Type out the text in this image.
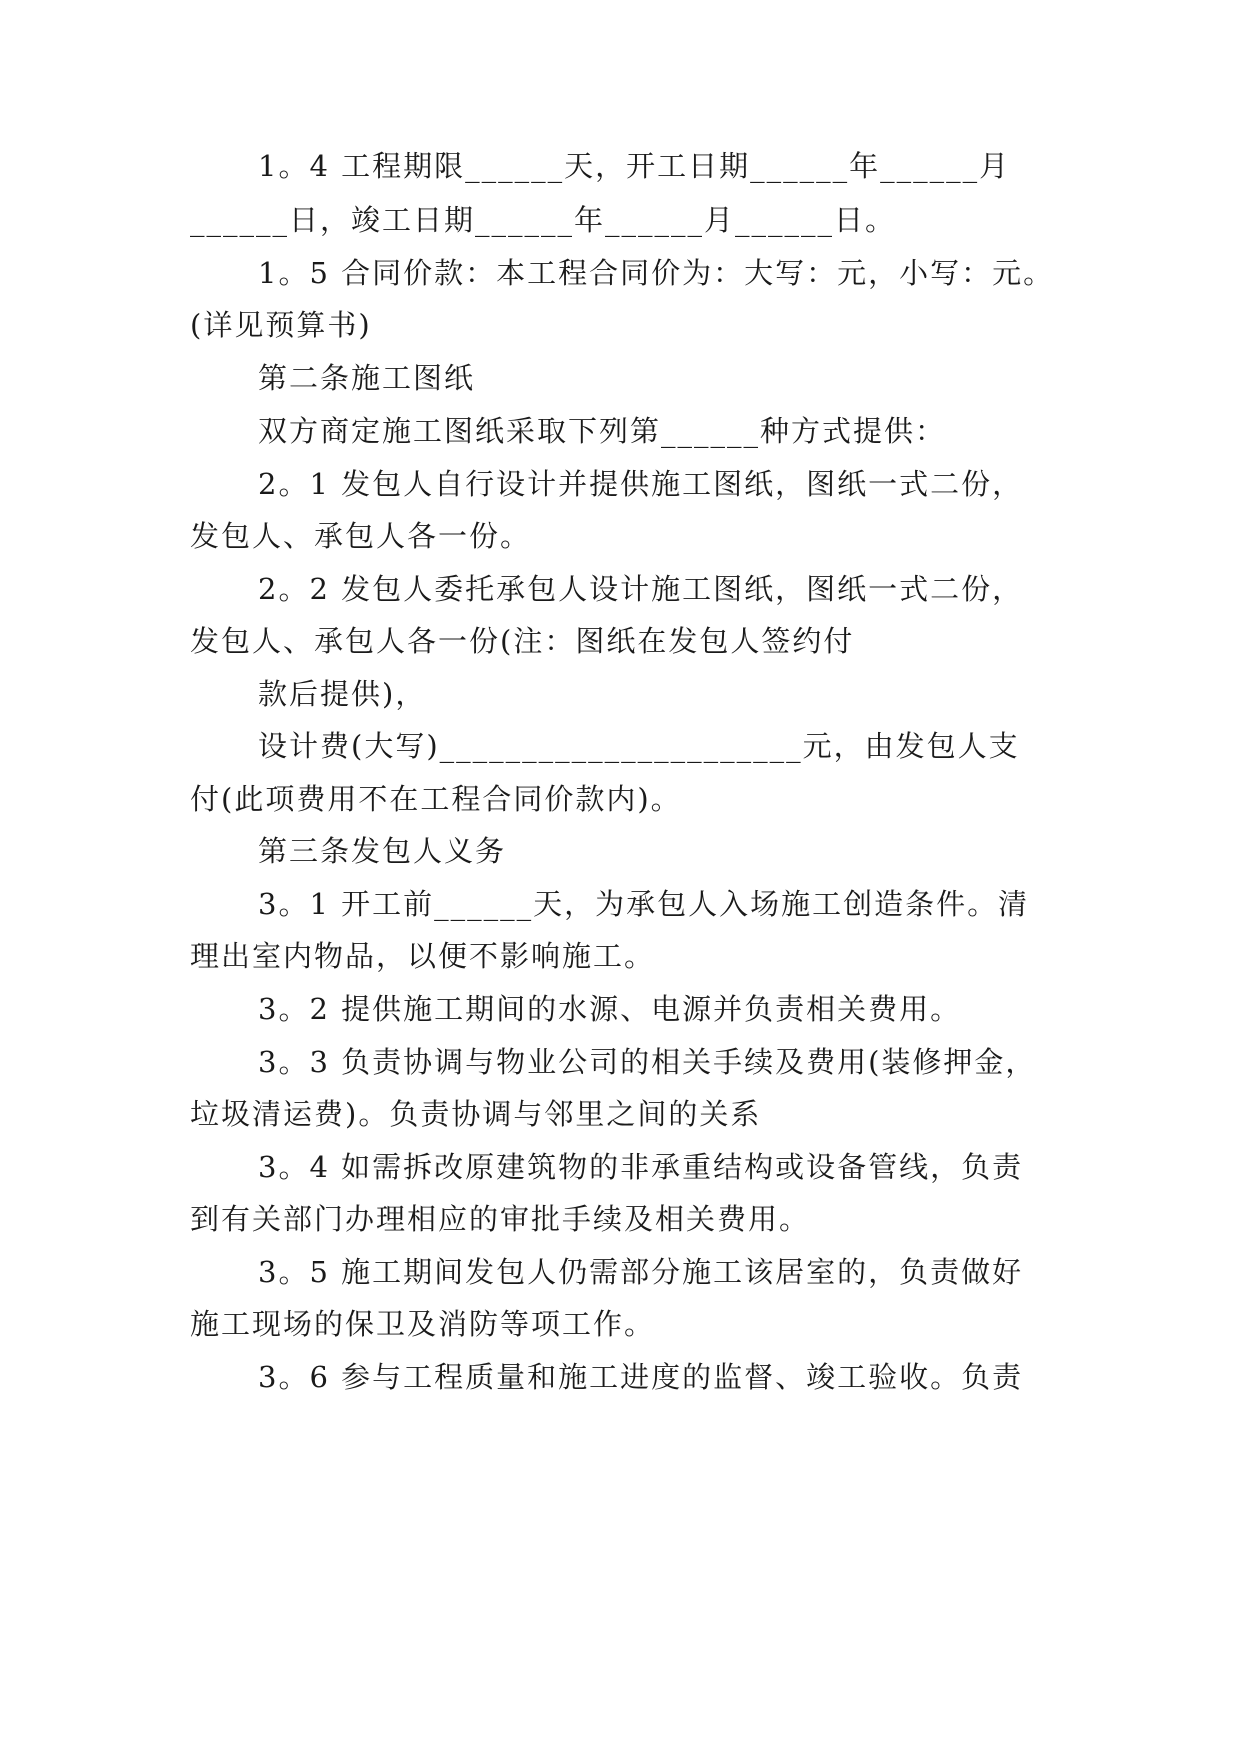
1。4 工程期限______天，开工日期______年______月
______日，竣工日期______年______月______日。
1。5 合同价款：本工程合同价为：大写：元，小写：元。
(详见预算书)
第二条施工图纸
双方商定施工图纸采取下列第______种方式提供：
2。1 发包人自行设计并提供施工图纸，图纸一式二份，
发包人、承包人各一份。
2。2 发包人委托承包人设计施工图纸，图纸一式二份，
发包人、承包人各一份(注：图纸在发包人签约付
款后提供)，
设计费(大写)______________________元，由发包人支
付(此项费用不在工程合同价款内)。
第三条发包人义务
3。1 开工前______天，为承包人入场施工创造条件。清
理出室内物品，以便不影响施工。
3。2 提供施工期间的水源、电源并负责相关费用。
3。3 负责协调与物业公司的相关手续及费用(装修押金，
垃圾清运费)。负责协调与邻里之间的关系
3。4 如需拆改原建筑物的非承重结构或设备管线，负责
到有关部门办理相应的审批手续及相关费用。
3。5 施工期间发包人仍需部分施工该居室的，负责做好
施工现场的保卫及消防等项工作。
3。6 参与工程质量和施工进度的监督、竣工验收。负责
